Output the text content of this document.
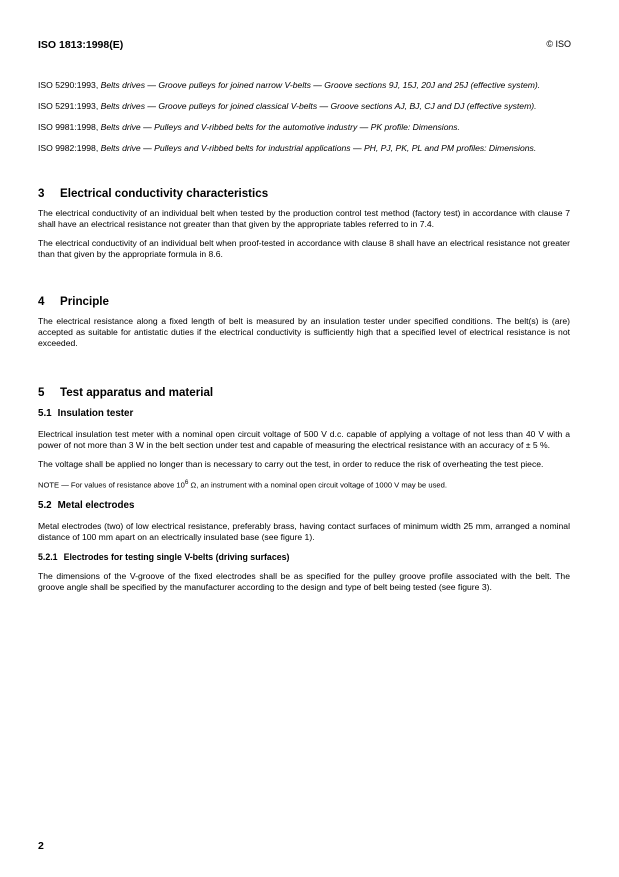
ISO 1813:1998(E)	© ISO

ISO 5290:1993, Belts drives — Groove pulleys for joined narrow V-belts — Groove sections 9J, 15J, 20J and 25J (effective system).

ISO 5291:1993, Belts drives — Groove pulleys for joined classical V-belts — Groove sections AJ, BJ, CJ and DJ (effective system).

ISO 9981:1998, Belts drive — Pulleys and V-ribbed belts for the automotive industry — PK profile: Dimensions.

ISO 9982:1998, Belts drive — Pulleys and V-ribbed belts for industrial applications — PH, PJ, PK, PL and PM profiles: Dimensions.

3 Electrical conductivity characteristics

The electrical conductivity of an individual belt when tested by the production control test method (factory test) in accordance with clause 7 shall have an electrical resistance not greater than that given by the appropriate tables referred to in 7.4.

The electrical conductivity of an individual belt when proof-tested in accordance with clause 8 shall have an electrical resistance not greater than that given by the appropriate formula in 8.6.

4 Principle

The electrical resistance along a fixed length of belt is measured by an insulation tester under specified conditions. The belt(s) is (are) accepted as suitable for antistatic duties if the electrical conductivity is sufficiently high that a specified level of electrical resistance is not exceeded.

5 Test apparatus and material
5.1 Insulation tester

Electrical insulation test meter with a nominal open circuit voltage of 500 V d.c. capable of applying a voltage of not less than 40 V with a power of not more than 3 W in the belt section under test and capable of measuring the electrical resistance with an accuracy of ± 5 %.

The voltage shall be applied no longer than is necessary to carry out the test, in order to reduce the risk of overheating the test piece.

NOTE — For values of resistance above $10^6$ Ω, an instrument with a nominal open circuit voltage of 1000 V may be used.

5.2 Metal electrodes

Metal electrodes (two) of low electrical resistance, preferably brass, having contact surfaces of minimum width 25 mm, arranged a nominal distance of 100 mm apart on an electrically insulated base (see figure 1).

5.2.1 Electrodes for testing single V-belts (driving surfaces)

The dimensions of the V-groove of the fixed electrodes shall be as specified for the pulley groove profile associated with the belt. The groove angle shall be specified by the manufacturer according to the design and type of belt being tested (see figure 3).

2
